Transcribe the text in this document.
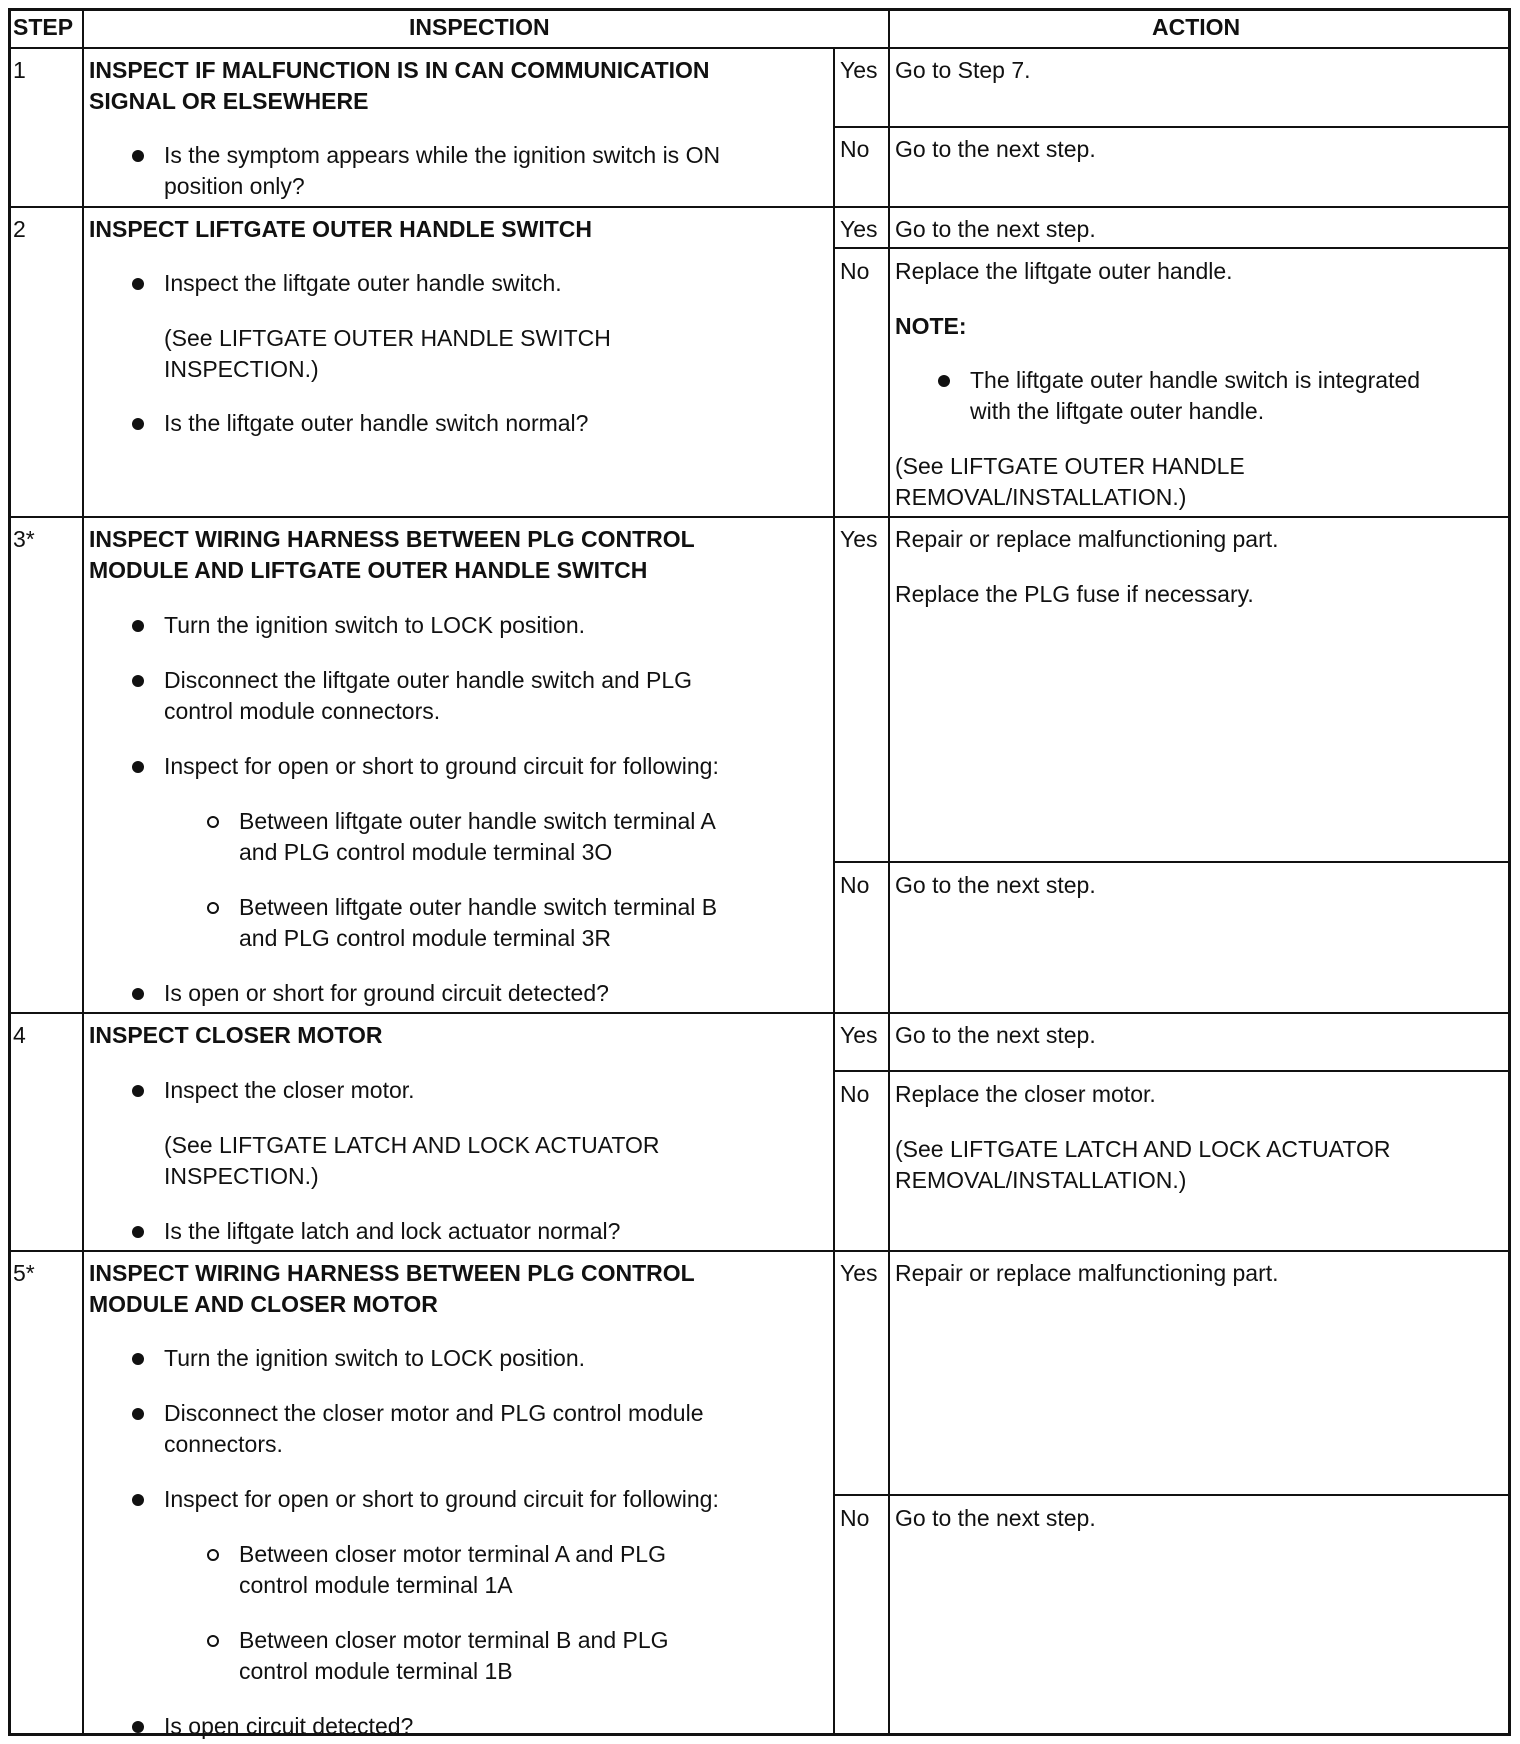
STEP	INSPECTION	ACTION
1	INSPECT IF MALFUNCTION IS IN CAN COMMUNICATION
SIGNAL OR ELSEWHERE
Is the symptom appears while the ignition switch is ON
position only?
Yes Go to Step 7.
No Go to the next step.
2	INSPECT LIFTGATE OUTER HANDLE SWITCH
Inspect the liftgate outer handle switch.
(See LIFTGATE OUTER HANDLE SWITCH
INSPECTION.)
Is the liftgate outer handle switch normal?
Yes Go to the next step.
No Replace the liftgate outer handle.
NOTE:
The liftgate outer handle switch is integrated
with the liftgate outer handle.
(See LIFTGATE OUTER HANDLE
REMOVAL/INSTALLATION.)
3* INSPECT WIRING HARNESS BETWEEN PLG CONTROL
MODULE AND LIFTGATE OUTER HANDLE SWITCH
Turn the ignition switch to LOCK position.
Disconnect the liftgate outer handle switch and PLG
control module connectors.
Inspect for open or short to ground circuit for following:
Between liftgate outer handle switch terminal A
and PLG control module terminal 3O
Between liftgate outer handle switch terminal B
and PLG control module terminal 3R
Is open or short for ground circuit detected?
Yes Repair or replace malfunctioning part.
Replace the PLG fuse if necessary.
No Go to the next step.
4	INSPECT CLOSER MOTOR
Inspect the closer motor.
(See LIFTGATE LATCH AND LOCK ACTUATOR
INSPECTION.)
Is the liftgate latch and lock actuator normal?
Yes Go to the next step.
No Replace the closer motor.
(See LIFTGATE LATCH AND LOCK ACTUATOR
REMOVAL/INSTALLATION.)
5* INSPECT WIRING HARNESS BETWEEN PLG CONTROL
MODULE AND CLOSER MOTOR
Turn the ignition switch to LOCK position.
Disconnect the closer motor and PLG control module
connectors.
Inspect for open or short to ground circuit for following:
Between closer motor terminal A and PLG
control module terminal 1A
Between closer motor terminal B and PLG
control module terminal 1B
Is open circuit detected?
Yes Repair or replace malfunctioning part.
No Go to the next step.
